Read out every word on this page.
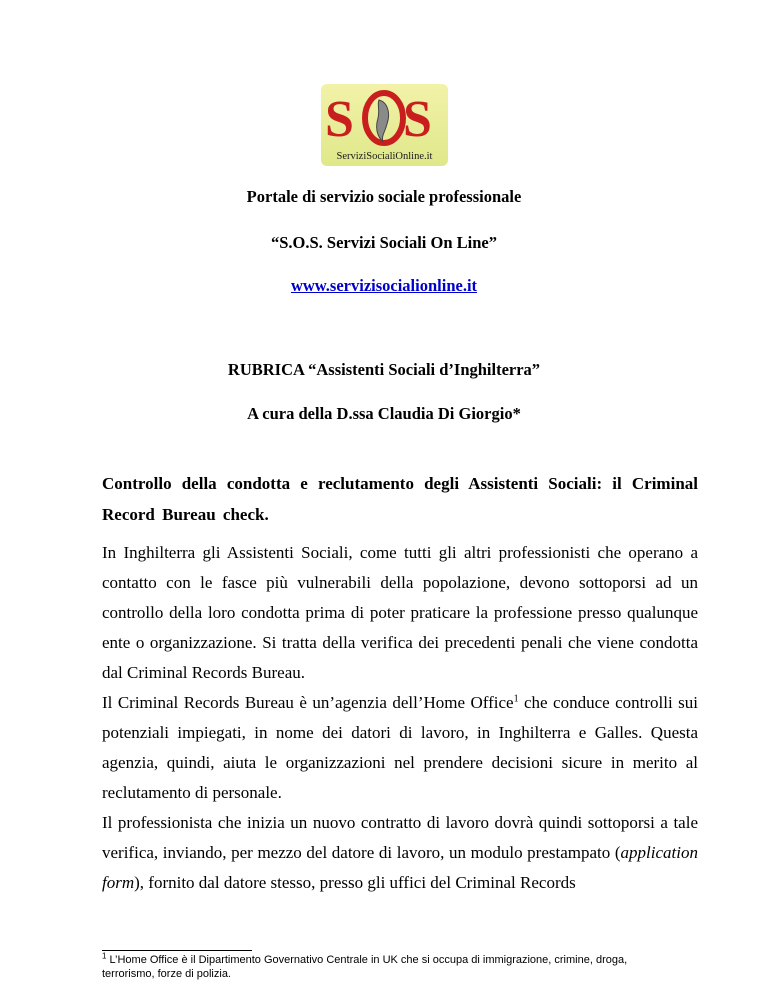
S S
ServiziSocialiOnline.it
Portale di servizio sociale professionale
“S.O.S. Servizi Sociali On Line”
www.servizisocialionline.it
RUBRICA “Assistenti Sociali d’Inghilterra”
A cura della D.ssa Claudia Di Giorgio*
Controllo della condotta e reclutamento degli Assistenti Sociali: il Criminal Record Bureau check.
In Inghilterra gli Assistenti Sociali, come tutti gli altri professionisti che operano a contatto con le fasce più vulnerabili della popolazione, devono sottoporsi ad un controllo della loro condotta prima di poter praticare la professione presso qualunque ente o organizzazione. Si tratta della verifica dei precedenti penali che viene condotta dal Criminal Records Bureau.
Il Criminal Records Bureau è un’agenzia dell’Home Office$^1$ che conduce controlli sui potenziali impiegati, in nome dei datori di lavoro, in Inghilterra e Galles. Questa agenzia, quindi, aiuta le organizzazioni nel prendere decisioni sicure in merito al reclutamento di personale.
Il professionista che inizia un nuovo contratto di lavoro dovrà quindi sottoporsi a tale verifica, inviando, per mezzo del datore di lavoro, un modulo prestampato (application form), fornito dal datore stesso, presso gli uffici del Criminal Records
$^1$ L’Home Office è il Dipartimento Governativo Centrale in UK che si occupa di immigrazione, crimine, droga, terrorismo, forze di polizia.
